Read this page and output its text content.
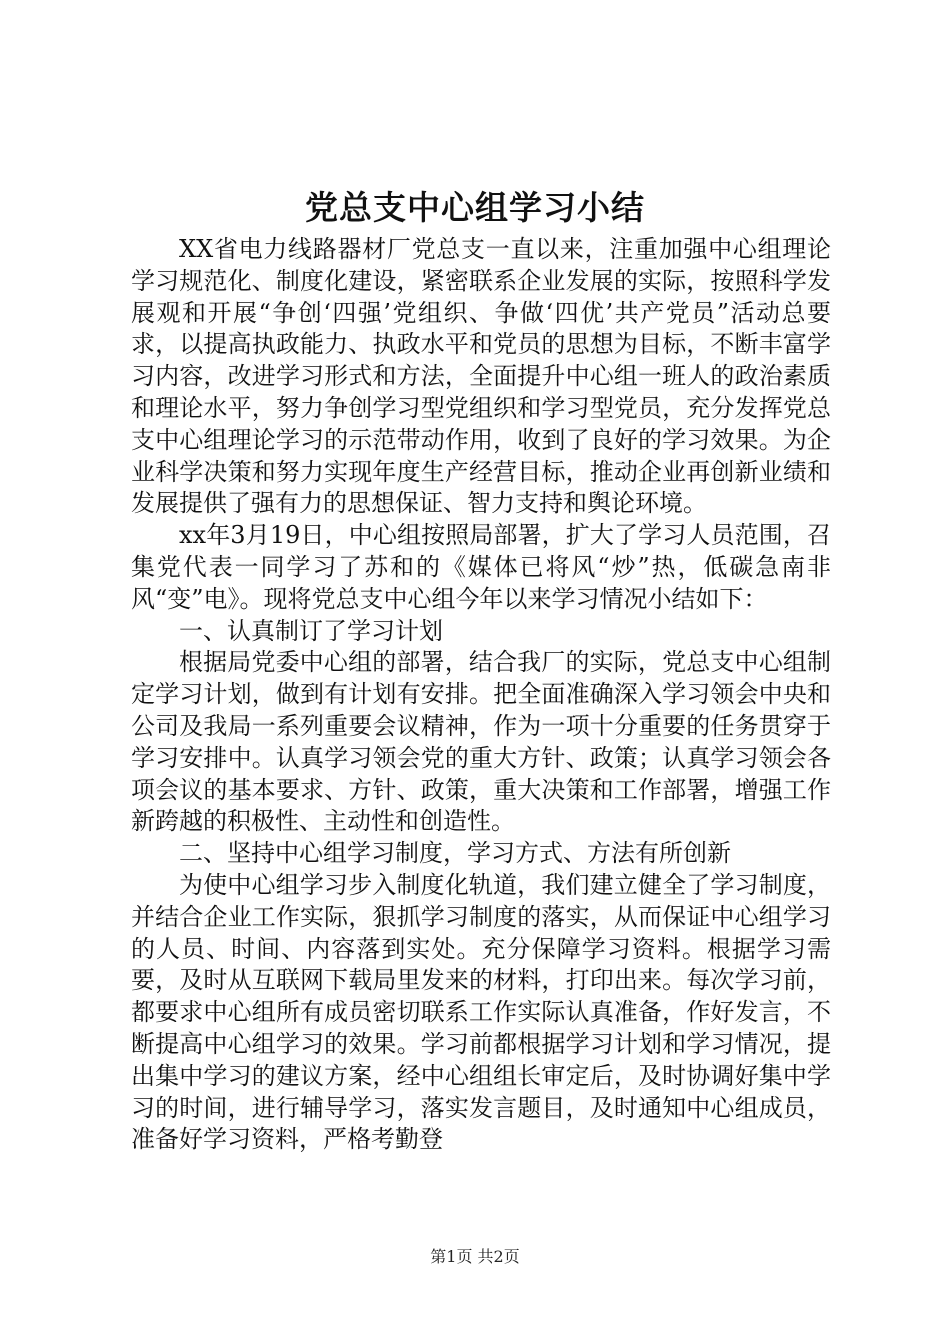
党总支中心组学习小结

XX省电力线路器材厂党总支一直以来，注重加强中心组理论学习规范化、制度化建设，紧密联系企业发展的实际，按照科学发展观和开展“争创‘四强’党组织、争做‘四优’共产党员”活动总要求，以提高执政能力、执政水平和党员的思想为目标，不断丰富学习内容，改进学习形式和方法，全面提升中心组一班人的政治素质和理论水平，努力争创学习型党组织和学习型党员，充分发挥党总支中心组理论学习的示范带动作用，收到了良好的学习效果。为企业科学决策和努力实现年度生产经营目标，推动企业再创新业绩和发展提供了强有力的思想保证、智力支持和舆论环境。

xx年3月19日，中心组按照局部署，扩大了学习人员范围，召集党代表一同学习了苏和的《媒体已将风“炒”热，低碳急南非风“变”电》。现将党总支中心组今年以来学习情况小结如下：

一、认真制订了学习计划

根据局党委中心组的部署，结合我厂的实际，党总支中心组制定学习计划，做到有计划有安排。把全面准确深入学习领会中央和公司及我局一系列重要会议精神，作为一项十分重要的任务贯穿于学习安排中。认真学习领会党的重大方针、政策；认真学习领会各项会议的基本要求、方针、政策，重大决策和工作部署，增强工作新跨越的积极性、主动性和创造性。

二、坚持中心组学习制度，学习方式、方法有所创新

为使中心组学习步入制度化轨道，我们建立健全了学习制度，并结合企业工作实际，狠抓学习制度的落实，从而保证中心组学习的人员、时间、内容落到实处。充分保障学习资料。根据学习需要，及时从互联网下载局里发来的材料，打印出来。每次学习前，都要求中心组所有成员密切联系工作实际认真准备，作好发言，不断提高中心组学习的效果。学习前都根据学习计划和学习情况，提出集中学习的建议方案，经中心组组长审定后，及时协调好集中学习的时间，进行辅导学习，落实发言题目，及时通知中心组成员，准备好学习资料，严格考勤登

第1页 共2页
